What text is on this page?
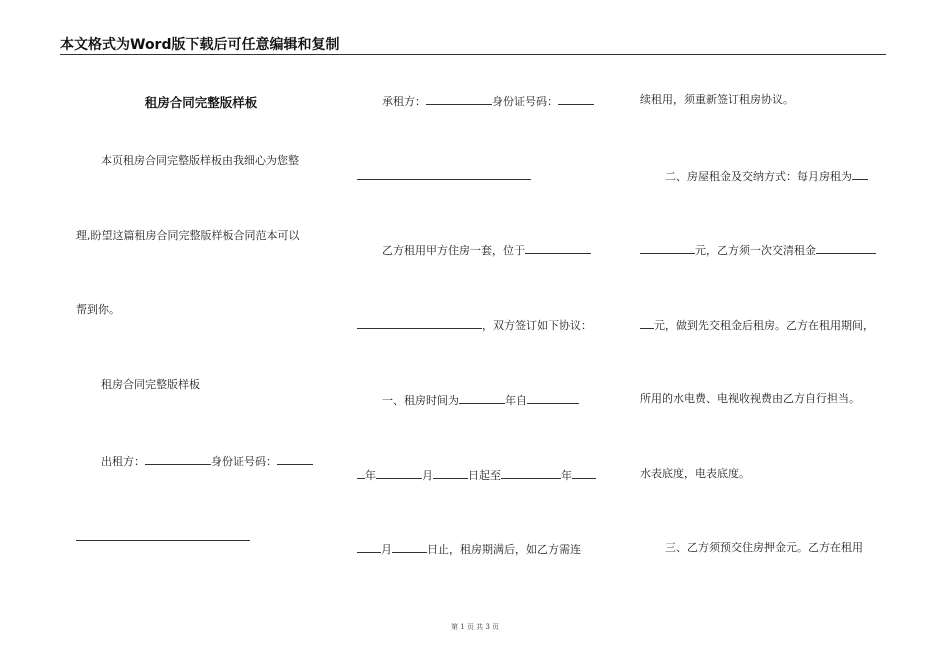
本文格式为Word版下载后可任意编辑和复制
租房合同完整版样板
本页租房合同完整版样板由我细心为您整
理,盼望这篇租房合同完整版样板合同范本可以
帮到你。
租房合同完整版样板
出租方：	身份证号码：
承租方：	身份证号码：
乙方租用甲方住房一套，位于
，双方签订如下协议：
一、租房时间为	年自
年	月	日起至	年
月	日止，租房期满后，如乙方需连
续租用，须重新签订租房协议。
二、房屋租金及交纳方式：每月房租为
元，乙方须一次交清租金
元，做到先交租金后租房。乙方在租用期间，
所用的水电费、电视收视费由乙方自行担当。
水表底度，电表底度。
三、乙方须预交住房押金元。乙方在租用
第 1 页 共 3 页
